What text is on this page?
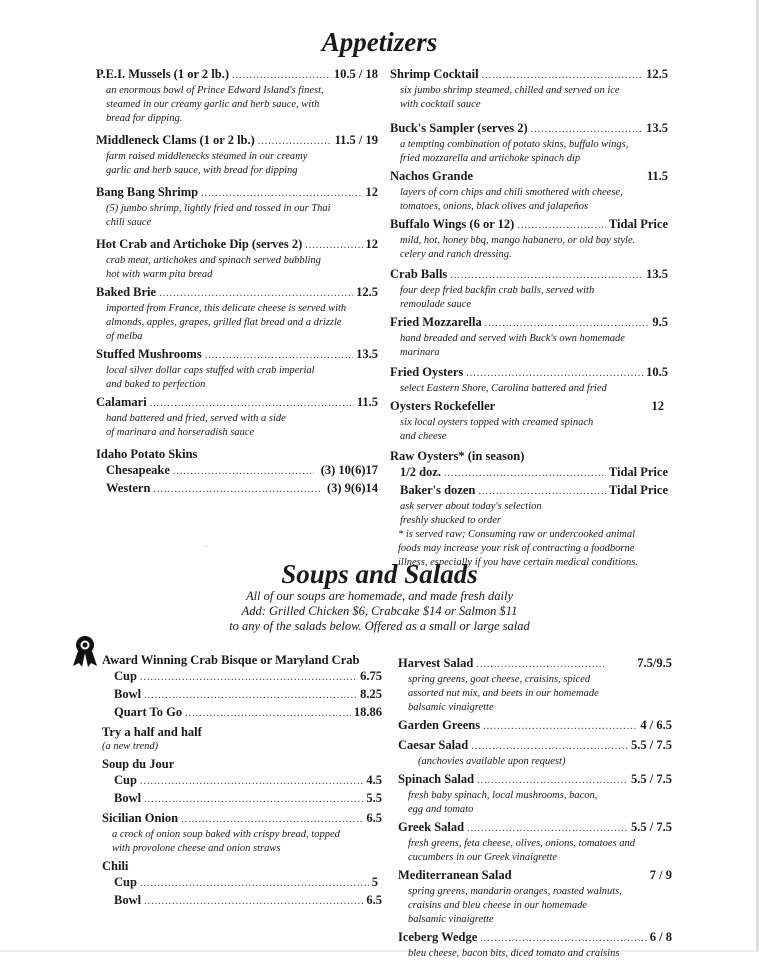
Appetizers
P.E.I. Mussels (1 or 2 lb.) .....	10.5 / 18
an enormous bowl of Prince Edward Island's finest,
steamed in our creamy garlic and herb sauce, with
bread for dipping.
Middleneck Clams (1 or 2 lb.) .....	11.5 / 19
farm raised middlenecks steamed in our creamy
garlic and herb sauce, with bread for dipping
Bang Bang Shrimp .....	12
(5) jumbo shrimp, lightly fried and tossed in our Thai
chili sauce
Hot Crab and Artichoke Dip (serves 2) .....	12
crab meat, artichokes and spinach served bubbling
hot with warm pita bread
Baked Brie .....	12.5
imported from France, this delicate cheese is served with
almonds, apples, grapes, grilled flat bread and a drizzle
of melba
Stuffed Mushrooms .....	13.5
local silver dollar caps stuffed with crab imperial
and baked to perfection
Calamari .....	11.5
hand battered and fried, served with a side
of marinara and horseradish sauce
Idaho Potato Skins
Chesapeake .....	(3) 10 (6) 17
Western .....	(3) 9 (6) 14
Shrimp Cocktail .....	12.5
six jumbo shrimp steamed, chilled and served on ice
with cocktail sauce
Buck's Sampler (serves 2) .....	13.5
a tempting combination of potato skins, buffalo wings,
fried mozzarella and artichoke spinach dip
Nachos Grande	11.5
layers of corn chips and chili smothered with cheese,
tomatoes, onions, black olives and jalapeños
Buffalo Wings (6 or 12) .....	Tidal Price
mild, hot, honey bbq, mango habanero, or old bay style.
celery and ranch dressing.
Crab Balls .....	13.5
four deep fried backfin crab balls, served with
remoulade sauce
Fried Mozzarella .....	9.5
hand breaded and served with Buck's own homemade
marinara
Fried Oysters .....	10.5
select Eastern Shore, Carolina battered and fried
Oysters Rockefeller	12
six local oysters topped with creamed spinach
and cheese
Raw Oysters* (in season)
1/2 doz. .....	Tidal Price
Baker's dozen .....	Tidal Price
ask server about today's selection
freshly shucked to order
* is served raw; Consuming raw or undercooked animal
foods may increase your risk of contracting a foodborne
illness, especially if you have certain medical conditions.
·
Soups and Salads
All of our soups are homemade, and made fresh daily
Add: Grilled Chicken $6, Crabcake $14 or Salmon $11
to any of the salads below. Offered as a small or large salad
Award Winning Crab Bisque or Maryland Crab
Cup .....	6.75
Bowl .....	8.25
Quart To Go .....	18.86
Try a half and half
(a new trend)
Soup du Jour
Cup .....	4.5
Bowl .....	5.5
Sicilian Onion .....	6.5
a crock of onion soup baked with crispy bread, topped
with provolone cheese and onion straws
Chili
Cup .....	5
Bowl .....	6.5
Harvest Salad .....	7.5/9.5
spring greens, goat cheese, craisins, spiced
assorted nut mix, and beets in our homemade
balsamic vinaigrette
Garden Greens .....	4 / 6.5
Caesar Salad .....	5.5 / 7.5
(anchovies available upon request)
Spinach Salad .....	5.5 / 7.5
fresh baby spinach, local mushrooms, bacon,
egg and tomato
Greek Salad .....	5.5 / 7.5
fresh greens, feta cheese, olives, onions, tomatoes and
cucumbers in our Greek vinaigrette
Mediterranean Salad	7 / 9
spring greens, mandarin oranges, roasted walnuts,
craisins and bleu cheese in our homemade
balsamic vinaigrette
Iceberg Wedge .....	6 / 8
bleu cheese, bacon bits, diced tomato and craisins
